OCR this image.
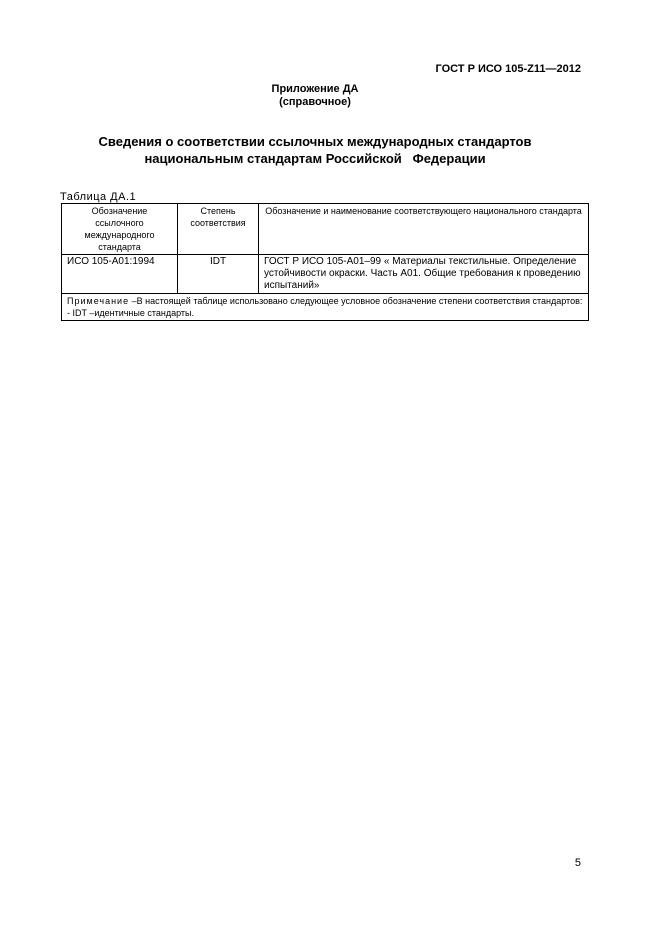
ГОСТ Р ИСО 105-Z11—2012
Приложение ДА
(справочное)
Сведения о соответствии ссылочных международных стандартов
национальным стандартам Российской   Федерации
Таблица ДА.1
Обозначение ссылочного международного стандарта	Степень соответствия	Обозначение и наименование соответствующего национального стандарта
ИСО 105-A01:1994	IDT	ГОСТ Р ИСО 105-А01–99 « Материалы текстильные. Определение устойчивости окраски. Часть А01. Общие требования к проведению испытаний»
Примечание –В настоящей таблице использовано следующее условное обозначение степени соответствия стандартов:
- IDT –идентичные стандарты.		
5
